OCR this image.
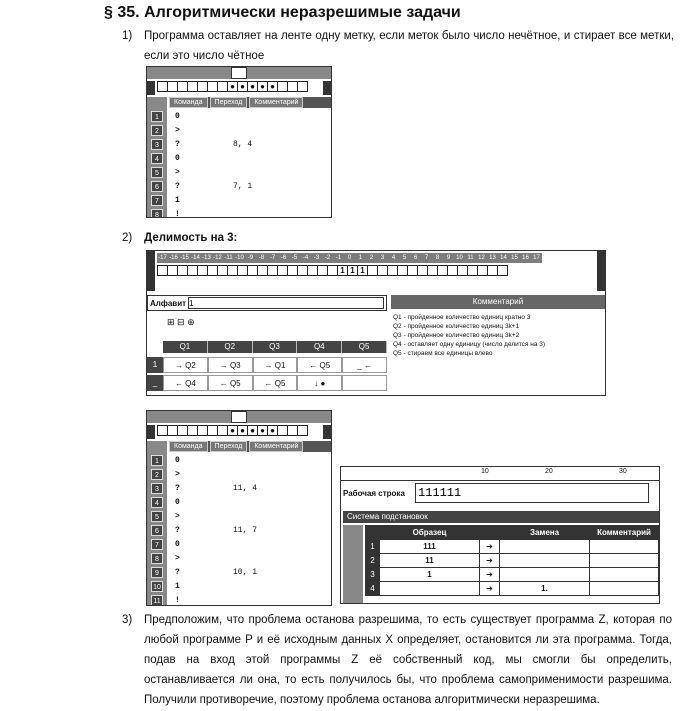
§ 35. Алгоритмически неразрешимые задачи
1) Программа оставляет на ленте одну метку, если меток было число нечётное, и стирает все метки, если это число чётное
● ● ● ● ●
Команда	Переход	Комментарий
1	0
2	>
3	?	8, 4
4	0
5	>
6	?	7, 1
7	1
8	!
2) Делимость на 3:
-17 -16 -15 -14 -13 -12 -11 -10 -9 -8 -7 -6 -5 -4 -3 -2 -1	0	1	2	3	4	5	6	7	8	9 10 11 12 13 14 15 16 17
1 1 1
Алфавит
1
⊞ ⊟ ⊕
Q1	Q2	Q3	Q4	Q5
1	→ Q2	→ Q3	→ Q1	← Q5	_ ←
_	← Q4	← Q5	← Q5	↓ ●
Комментарий
Q1 - пройденное количество единиц кратно 3
Q2 - пройденное количество единиц 3k+1
Q3 - пройденное количество единиц 3k+2
Q4 - оставляет одну единицу (число делится на 3)
Q5 - стираем все единицы влево
● ● ● ● ●
Команда	Переход	Комментарий
1	0
2	>
3	?	11, 4
4	0
5	>
6	?	11, 7
7	0
8	>
9	?	10, 1
10 1
11 !
10	20	30
Рабочая строка
111111
Система подстановок
	Образец		Замена	Комментарий
1	111	➔		
2	11	➔		
3	1	➔		
4		➔	1.	
3) Предположим, что проблема останова разрешима, то есть существует программа Z, которая по любой программе P и её исходным данных X определяет, остановится ли эта программа. Тогда, подав на вход этой программы Z её собственный код, мы смогли бы определить, останавливается ли она, то есть получилось бы, что проблема самоприменимости разрешима. Получили противоречие, поэтому проблема останова алгоритмически неразрешима.
